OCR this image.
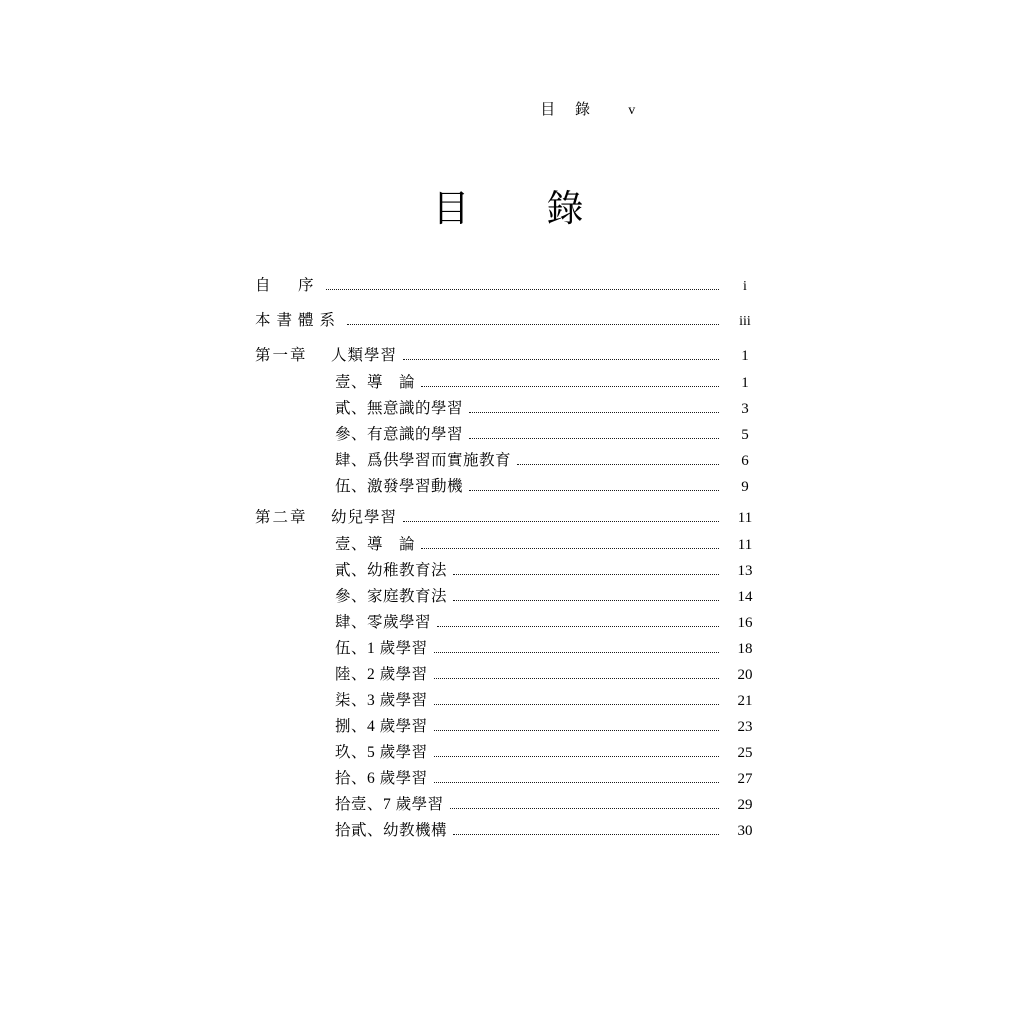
目 錄 v
目　錄
自　序	i
本書體系	iii
第一章	人類學習	1
壹、導　論	1
貳、無意識的學習	3
參、有意識的學習	5
肆、爲供學習而實施教育	6
伍、激發學習動機	9
第二章	幼兒學習	11
壹、導　論	11
貳、幼稚教育法	13
參、家庭教育法	14
肆、零歲學習	16
伍、1 歲學習	18
陸、2 歲學習	20
柒、3 歲學習	21
捌、4 歲學習	23
玖、5 歲學習	25
拾、6 歲學習	27
拾壹、7 歲學習	29
拾貳、幼教機構	30
